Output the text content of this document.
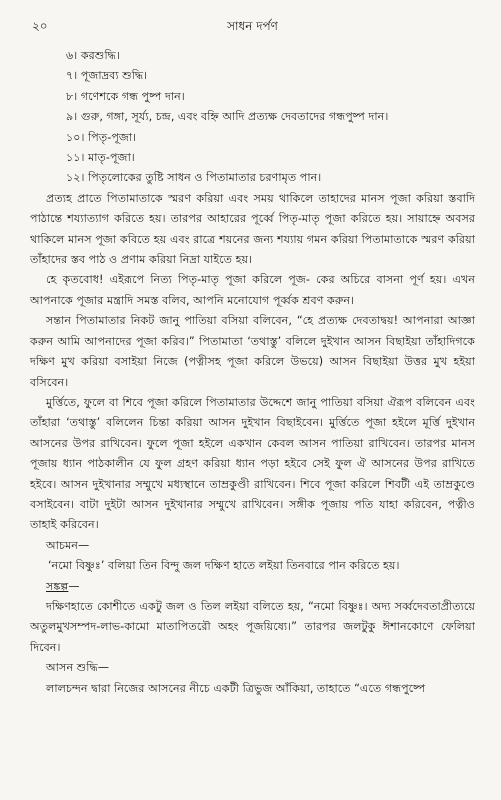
২০	সাধন দর্পণ
৬। করশুদ্ধি।
৭। পূজাদ্রব্য শুদ্ধি।
৮। গণেশকে গন্ধ পুষ্প দান।
৯। গুরু, গঙ্গা, সূর্য্য, চন্দ্র, এবং বহ্নি আদি প্রত্যক্ষ দেবতাদের গন্ধপুষ্প দান।
১০। পিতৃ-পূজা।
১১। মাতৃ-পূজা।
১২। পিতৃলোকের তুষ্টি সাধন ও পিতামাতার চরণামৃত পান।

প্রত্যহ প্রাতে পিতামাতাকে স্মরণ করিয়া এবং সময় থাকিলে তাহাদের মানস পূজা করিয়া স্তবাদি পাঠান্তে শয্যাত্যাগ করিতে হয়। তারপর আহারের পূর্ব্বে পিতৃ-মাতৃ পূজা করিতে হয়। সায়াহ্নে অবসর থাকিলে মানস পূজা কবিতে হয় এবং রাত্রে শয়নের জন্য শয্যায় গমন করিয়া পিতামাতাকে স্মরণ করিয়া তাঁহাদের স্তব পাঠ ও প্রণাম করিয়া নিদ্রা যাইতে হয়।

হে কৃতবোধ! এইরূপে নিত্য পিতৃ-মাতৃ পূজা করিলে পূজ- কের অচিরে বাসনা পূর্ণ হয়। এখন আপনাকে পূজার মন্ত্রাদি সমস্ত বলিব, আপনি মনোযোগ পূর্ব্বক শ্রবণ করুন।

সন্তান পিতামাতার নিকট জানু পাতিয়া বসিয়া বলিবেন, “হে প্রত্যক্ষ দেবতাদ্বয়! আপনারা আজ্ঞা করুন আমি আপনাদের পূজা করিব।” পিতামাতা ‘তথাস্তু’ বলিলে দুইখান আসন বিছাইয়া তাঁহাদিগকে দক্ষিণ মুখ করিয়া বসাইয়া নিজে (পত্নীসহ পূজা করিলে উভয়ে) আসন বিছাইয়া উত্তর মুখ হইয়া বসিবেন।

মুর্ত্তিতে, ফুলে বা শিবে পূজা করিলে পিতামাতার উদ্দেশে জানু পাতিয়া বসিয়া ঐরূপ বলিবেন এবং তাঁহারা ‘তথাস্তু’ বলিলেন চিন্তা করিয়া আসন দুইখান বিছাইবেন। মুর্ত্তিতে পূজা হইলে মূর্ত্তি দুইখান আসনের উপর রাখিবেন। ফুলে পূজা হইলে একখান কেবল আসন পাতিয়া রাখিবেন। তারপর মানস পূজায় ধ্যান পাঠকালীন যে ফুল গ্রহণ করিয়া ধ্যান পড়া হইবে সেই ফুল ঐ আসনের উপর রাখিতে হইবে। আসন দুইখানার সম্মুখে মধ্যস্থানে তাম্রকুণ্ডী রাখিবেন। শিবে পূজা করিলে শিবটী এই তাম্রকুণ্ডে বসাইবেন। বাটা দুইটা আসন দুইখানার সম্মুখে রাখিবেন। সঙ্গীক পূজায় পতি যাহা করিবেন, পত্নীও তাহাই করিবেন।

আচমন—

‘নমো বিষ্ণুঃ’ বলিয়া তিন বিন্দু জল দক্ষিণ হাতে লইয়া তিনবারে পান করিতে হয়।

সঙ্কল্প—

দক্ষিণহাতে কোশীতে একটু জল ও তিল লইয়া বলিতে হয়, “নমো বিষ্ণুঃ। অদ্য সর্ব্বদেবতাপ্রীত্যয়ে অতুলমুখসম্পদ-লাভ-কামো মাতাপিতরৌ অহং পূজয়িষ্যে।” তারপর জলটুকু ঈশানকোণে ফেলিয়া দিবেন।

আসন শুদ্ধি—

লালচন্দন দ্বারা নিজের আসনের নীচে একটী ত্রিভুজ আঁকিয়া, তাহাতে “এতে গন্ধপুষ্পে
